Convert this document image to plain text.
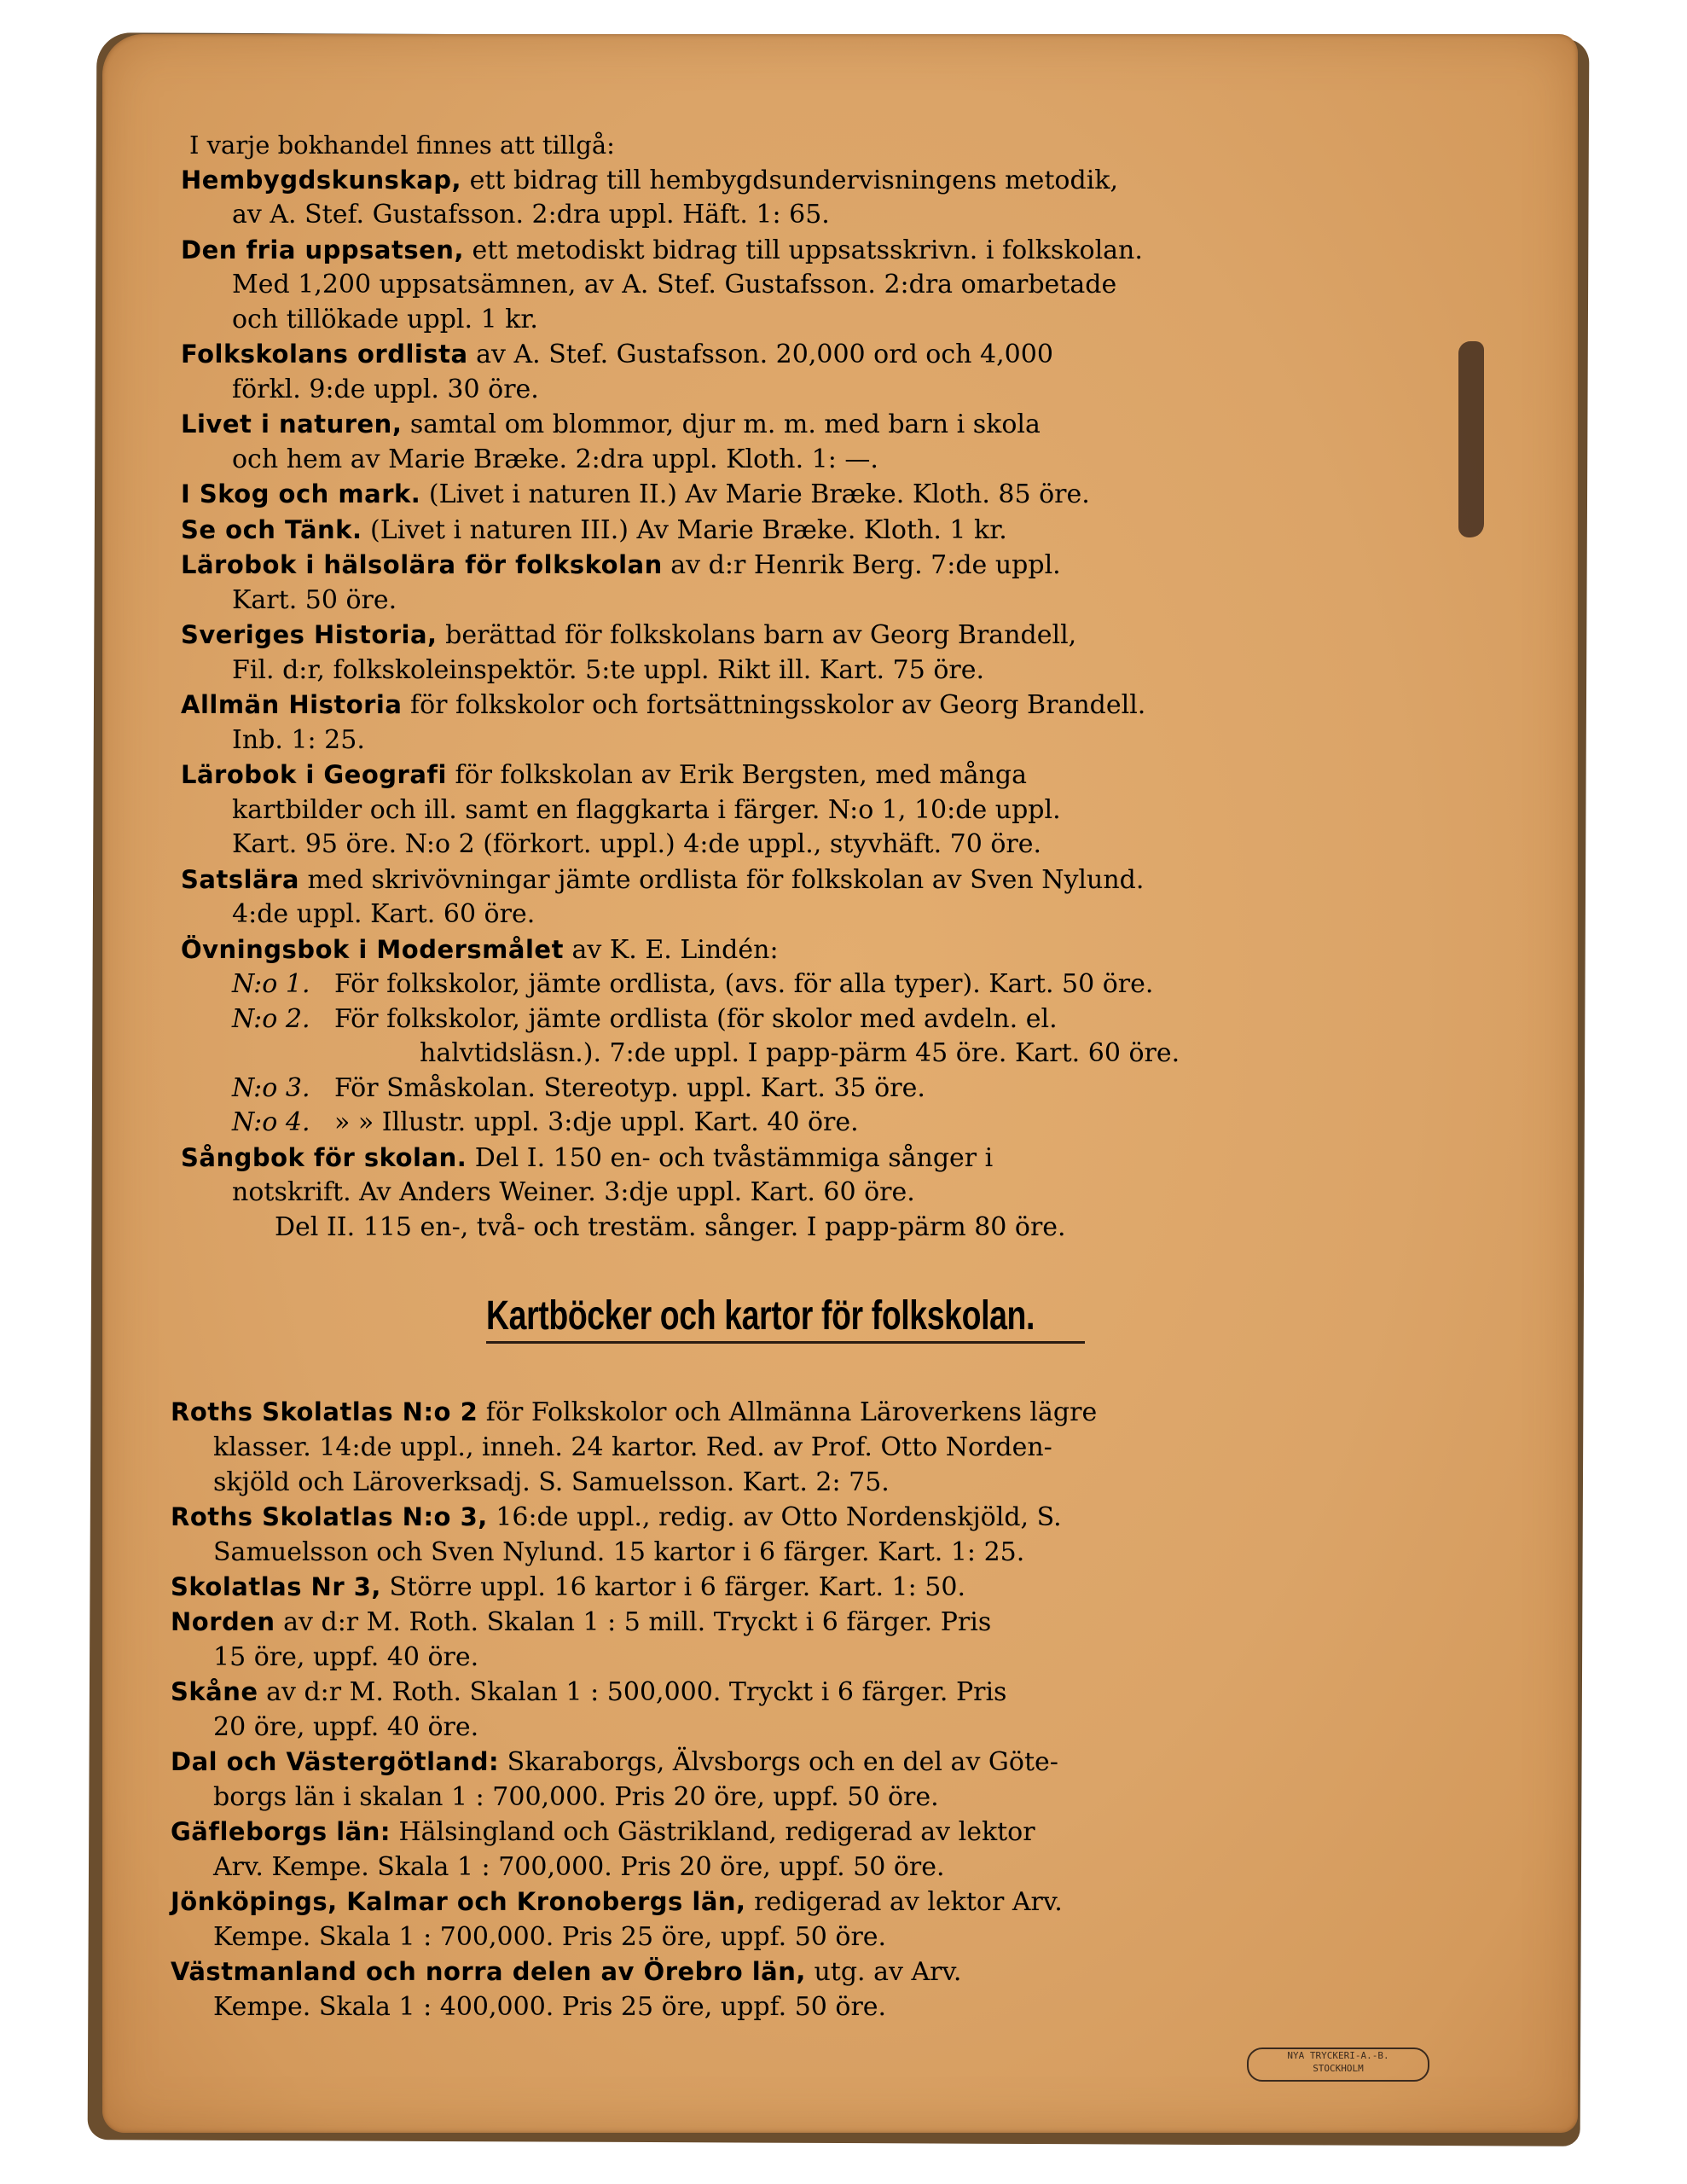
I varje bokhandel finnes att tillgå:
Hembygdskunskap, ett bidrag till hembygdsundervisningens metodik,
av A. Stef. Gustafsson. 2:dra uppl. Häft. 1: 65.
Den fria uppsatsen, ett metodiskt bidrag till uppsatsskrivn. i folkskolan.
Med 1,200 uppsatsämnen, av A. Stef. Gustafsson. 2:dra omarbetade
och tillökade uppl. 1 kr.
Folkskolans ordlista av A. Stef. Gustafsson. 20,000 ord och 4,000
förkl. 9:de uppl. 30 öre.
Livet i naturen, samtal om blommor, djur m. m. med barn i skola
och hem av Marie Bræke. 2:dra uppl. Kloth. 1: —.
I Skog och mark. (Livet i naturen II.) Av Marie Bræke. Kloth. 85 öre.
Se och Tänk. (Livet i naturen III.) Av Marie Bræke. Kloth. 1 kr.
Lärobok i hälsolära för folkskolan av d:r Henrik Berg. 7:de uppl.
Kart. 50 öre.
Sveriges Historia, berättad för folkskolans barn av Georg Brandell,
Fil. d:r, folkskoleinspektör. 5:te uppl. Rikt ill. Kart. 75 öre.
Allmän Historia för folkskolor och fortsättningsskolor av Georg Brandell.
Inb. 1: 25.
Lärobok i Geografi för folkskolan av Erik Bergsten, med många
kartbilder och ill. samt en flaggkarta i färger. N:o 1, 10:de uppl.
Kart. 95 öre. N:o 2 (förkort. uppl.) 4:de uppl., styvhäft. 70 öre.
Satslära med skrivövningar jämte ordlista för folkskolan av Sven Nylund.
4:de uppl. Kart. 60 öre.
Övningsbok i Modersmålet av K. E. Lindén:
N:o 1. För folkskolor, jämte ordlista, (avs. för alla typer). Kart. 50 öre.
N:o 2. För folkskolor, jämte ordlista (för skolor med avdeln. el.
halvtidsläsn.). 7:de uppl. I papp-pärm 45 öre. Kart. 60 öre.
N:o 3. För Småskolan. Stereotyp. uppl. Kart. 35 öre.
N:o 4. » » Illustr. uppl. 3:dje uppl. Kart. 40 öre.
Sångbok för skolan. Del I. 150 en- och tvåstämmiga sånger i
notskrift. Av Anders Weiner. 3:dje uppl. Kart. 60 öre.
Del II. 115 en-, två- och trestäm. sånger. I papp-pärm 80 öre.
Kartböcker och kartor för folkskolan.
Roths Skolatlas N:o 2 för Folkskolor och Allmänna Läroverkens lägre
klasser. 14:de uppl., inneh. 24 kartor. Red. av Prof. Otto Norden-
skjöld och Läroverksadj. S. Samuelsson. Kart. 2: 75.
Roths Skolatlas N:o 3, 16:de uppl., redig. av Otto Nordenskjöld, S.
Samuelsson och Sven Nylund. 15 kartor i 6 färger. Kart. 1: 25.
Skolatlas Nr 3, Större uppl. 16 kartor i 6 färger. Kart. 1: 50.
Norden av d:r M. Roth. Skalan 1 : 5 mill. Tryckt i 6 färger. Pris
15 öre, uppf. 40 öre.
Skåne av d:r M. Roth. Skalan 1 : 500,000. Tryckt i 6 färger. Pris
20 öre, uppf. 40 öre.
Dal och Västergötland: Skaraborgs, Älvsborgs och en del av Göte-
borgs län i skalan 1 : 700,000. Pris 20 öre, uppf. 50 öre.
Gäfleborgs län: Hälsingland och Gästrikland, redigerad av lektor
Arv. Kempe. Skala 1 : 700,000. Pris 20 öre, uppf. 50 öre.
Jönköpings, Kalmar och Kronobergs län, redigerad av lektor Arv.
Kempe. Skala 1 : 700,000. Pris 25 öre, uppf. 50 öre.
Västmanland och norra delen av Örebro län, utg. av Arv.
Kempe. Skala 1 : 400,000. Pris 25 öre, uppf. 50 öre.
NYA TRYCKERI-A.-B.
STOCKHOLM
